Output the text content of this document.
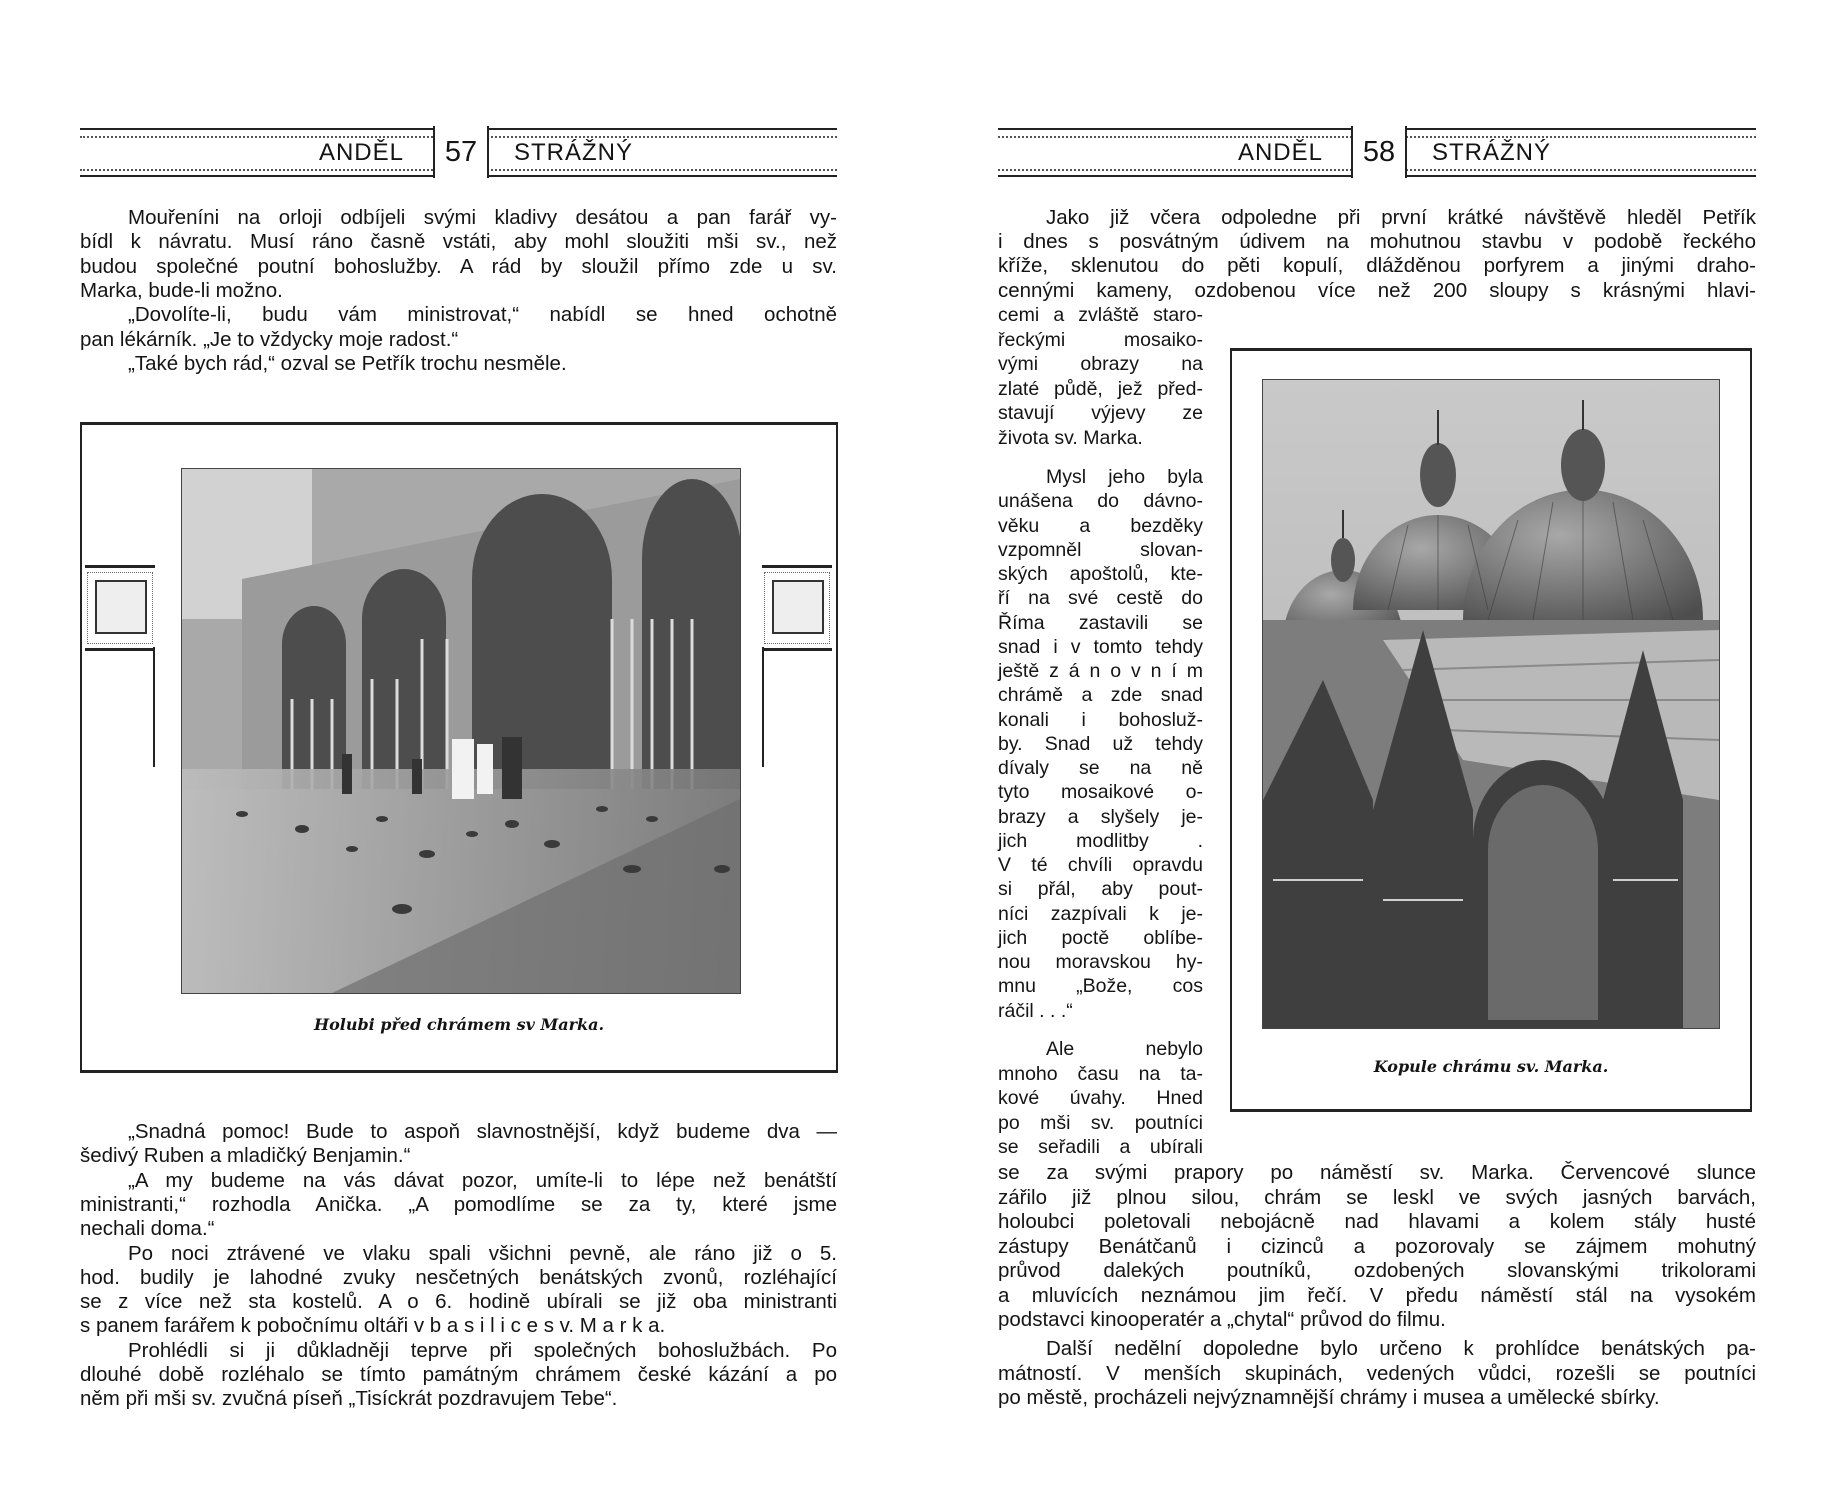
ANDĚL	57	STRÁŽNÝ
Mouřeníni na orloji odbíjeli svými kladivy desátou a pan farář vy-
bídl k návratu. Musí ráno časně vstáti, aby mohl sloužiti mši sv., než
budou společné poutní bohoslužby. A rád by sloužil přímo zde u sv.
Marka, bude-li možno.
„Dovolíte-li, budu vám ministrovat,“ nabídl se hned ochotně
pan lékárník. „Je to vždycky moje radost.“
„Také bych rád,“ ozval se Petřík trochu nesměle.
„Snadná pomoc! Bude to aspoň slavnostnější, když budeme dva —
šedivý Ruben a mladičký Benjamin.“
„A my budeme na vás dávat pozor, umíte-li to lépe než benátští
ministranti,“ rozhodla Anička. „A pomodlíme se za ty, které jsme
nechali doma.“
Po noci ztrávené ve vlaku spali všichni pevně, ale ráno již o 5.
hod. budily je lahodné zvuky nesčetných benátských zvonů, rozléhající
se z více než sta kostelů. A o 6. hodině ubírali se již oba ministranti
s panem farářem k pobočnímu oltáři v b a s i l i c e s v. M a r k a.
Prohlédli si ji důkladněji teprve při společných bohoslužbách. Po
dlouhé době rozléhalo se tímto památným chrámem české kázání a po
něm při mši sv. zvučná píseň „Tisíckrát pozdravujem Tebe“.
Holubi před chrámem sv Marka.
ANDĚL	58	STRÁŽNÝ
Jako již včera odpoledne při první krátké návštěvě hleděl Petřík
i dnes s posvátným údivem na mohutnou stavbu v podobě řeckého
kříže, sklenutou do pěti kopulí, dlážděnou porfyrem a jinými draho-
cennými kameny, ozdobenou více než 200 sloupy s krásnými hlavi-
cemi a zvláště staro-
řeckými mosaiko-
vými obrazy na
zlaté půdě, jež před-
stavují výjevy ze
života sv. Marka.
Mysl jeho byla
unášena do dávno-
věku a bezděky
vzpomněl slovan-
ských apoštolů, kte-
ří na své cestě do
Říma zastavili se
snad i v tomto tehdy
ještě z á n o v n í m
chrámě a zde snad
konali i bohosluž-
by. Snad už tehdy
dívaly se na ně
tyto mosaikové o-
brazy a slyšely je-
jich modlitby .
V té chvíli opravdu
si přál, aby pout-
níci zazpívali k je-
jich poctě oblíbe-
nou moravskou hy-
mnu „Bože, cos
ráčil . . .“
Ale nebylo
mnoho času na ta-
kové úvahy. Hned
po mši sv. poutníci
se seřadili a ubírali
se za svými prapory po náměstí sv. Marka. Červencové slunce
zářilo již plnou silou, chrám se leskl ve svých jasných barvách,
holoubci poletovali nebojácně nad hlavami a kolem stály husté
zástupy Benátčanů i cizinců a pozorovaly se zájmem mohutný
průvod dalekých poutníků, ozdobených slovanskými trikolorami
a mluvících neznámou jim řečí. V předu náměstí stál na vysokém
podstavci kinooperatér a „chytal“ průvod do filmu.
Další nedělní dopoledne bylo určeno k prohlídce benátských pa-
mátností. V menších skupinách, vedených vůdci, rozešli se poutníci
po městě, procházeli nejvýznamnější chrámy i musea a umělecké sbírky.
Kopule chrámu sv. Marka.
